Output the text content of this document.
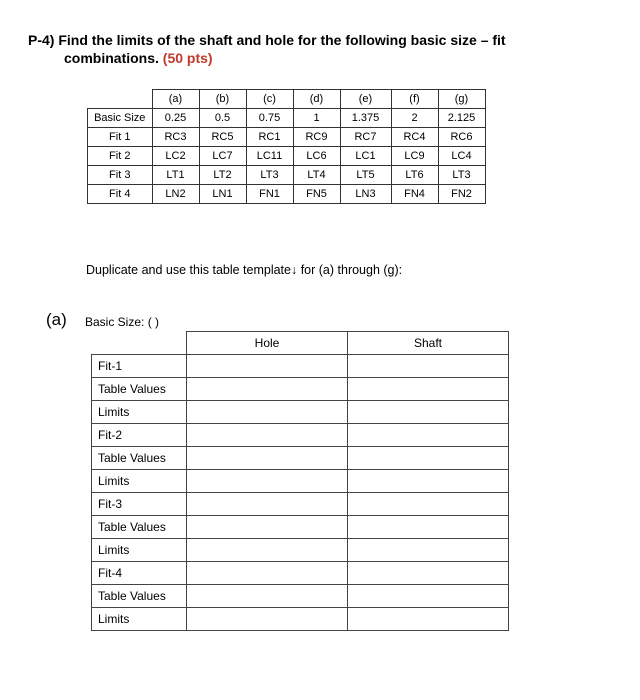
P-4) Find the limits of the shaft and hole for the following basic size – fit
combinations. (50 pts)
	(a)	(b)	(c)	(d)	(e)	(f)	(g)
Basic Size	0.25	0.5	0.75	1	1.375	2	2.125
Fit 1	RC3	RC5	RC1	RC9	RC7	RC4	RC6
Fit 2	LC2	LC7	LC11	LC6	LC1	LC9	LC4
Fit 3	LT1	LT2	LT3	LT4	LT5	LT6	LT3
Fit 4	LN2	LN1	FN1	FN5	LN3	FN4	FN2
Duplicate and use this table template↓ for (a) through (g):
(a) Basic Size: ( )
	Hole	Shaft
Fit-1		
Table Values		
Limits		
Fit-2		
Table Values		
Limits		
Fit-3		
Table Values		
Limits		
Fit-4		
Table Values		
Limits		
